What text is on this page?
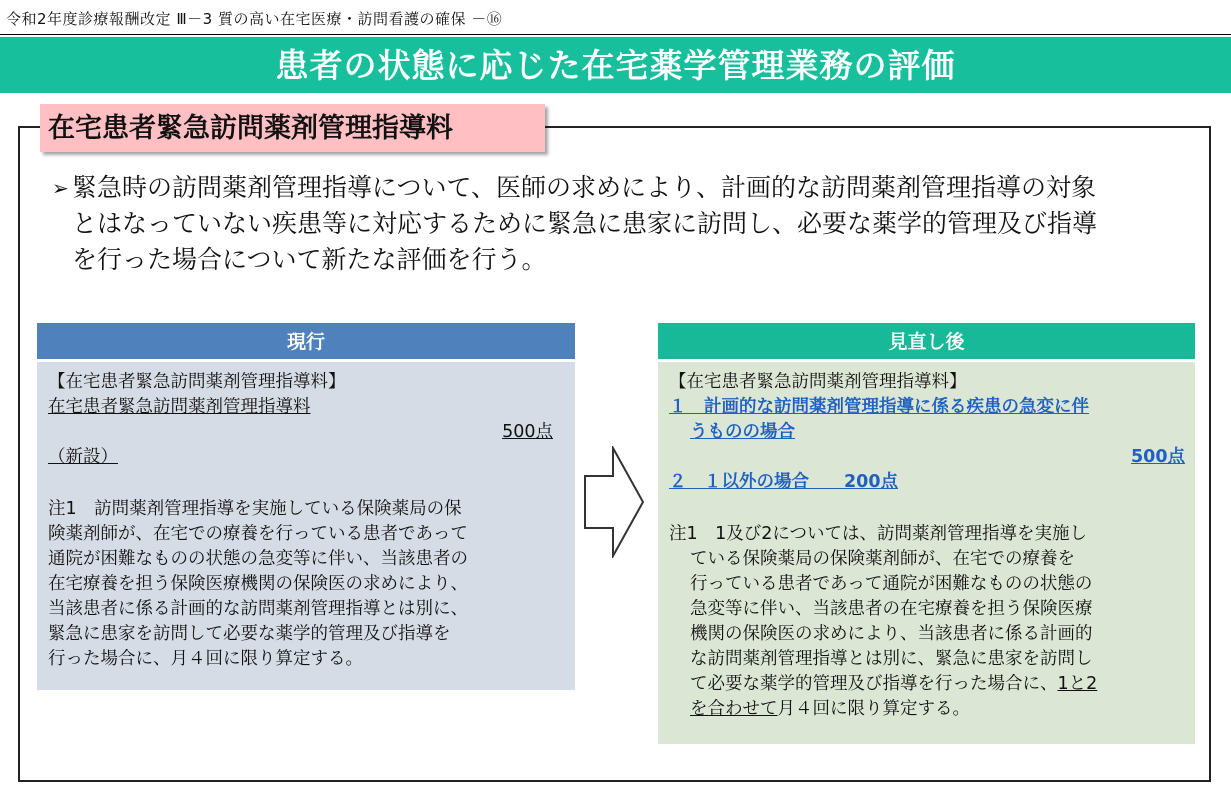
令和2年度診療報酬改定 Ⅲ－3 質の高い在宅医療・訪問看護の確保 －⑯
患者の状態に応じた在宅薬学管理業務の評価
在宅患者緊急訪問薬剤管理指導料
➢ 緊急時の訪問薬剤管理指導について、医師の求めにより、計画的な訪問薬剤管理指導の対象
とはなっていない疾患等に対応するために緊急に患家に訪問し、必要な薬学的管理及び指導
を行った場合について新たな評価を行う。
現行

【在宅患者緊急訪問薬剤管理指導料】

在宅患者緊急訪問薬剤管理指導料

500点

（新設）

注1　訪問薬剤管理指導を実施している保険薬局の保

険薬剤師が、在宅での療養を行っている患者であって

通院が困難なものの状態の急変等に伴い、当該患者の

在宅療養を担う保険医療機関の保険医の求めにより、

当該患者に係る計画的な訪問薬剤管理指導とは別に、

緊急に患家を訪問して必要な薬学的管理及び指導を

行った場合に、月４回に限り算定する。

見直し後

【在宅患者緊急訪問薬剤管理指導料】

１　計画的な訪問薬剤管理指導に係る疾患の急変に伴

うものの場合

500点

２　１以外の場合　　200点

注1　1及び2については、訪問薬剤管理指導を実施し

ている保険薬局の保険薬剤師が、在宅での療養を

行っている患者であって通院が困難なものの状態の

急変等に伴い、当該患者の在宅療養を担う保険医療

機関の保険医の求めにより、当該患者に係る計画的

な訪問薬剤管理指導とは別に、緊急に患家を訪問し

て必要な薬学的管理及び指導を行った場合に、1と2

を合わせて月４回に限り算定する。
